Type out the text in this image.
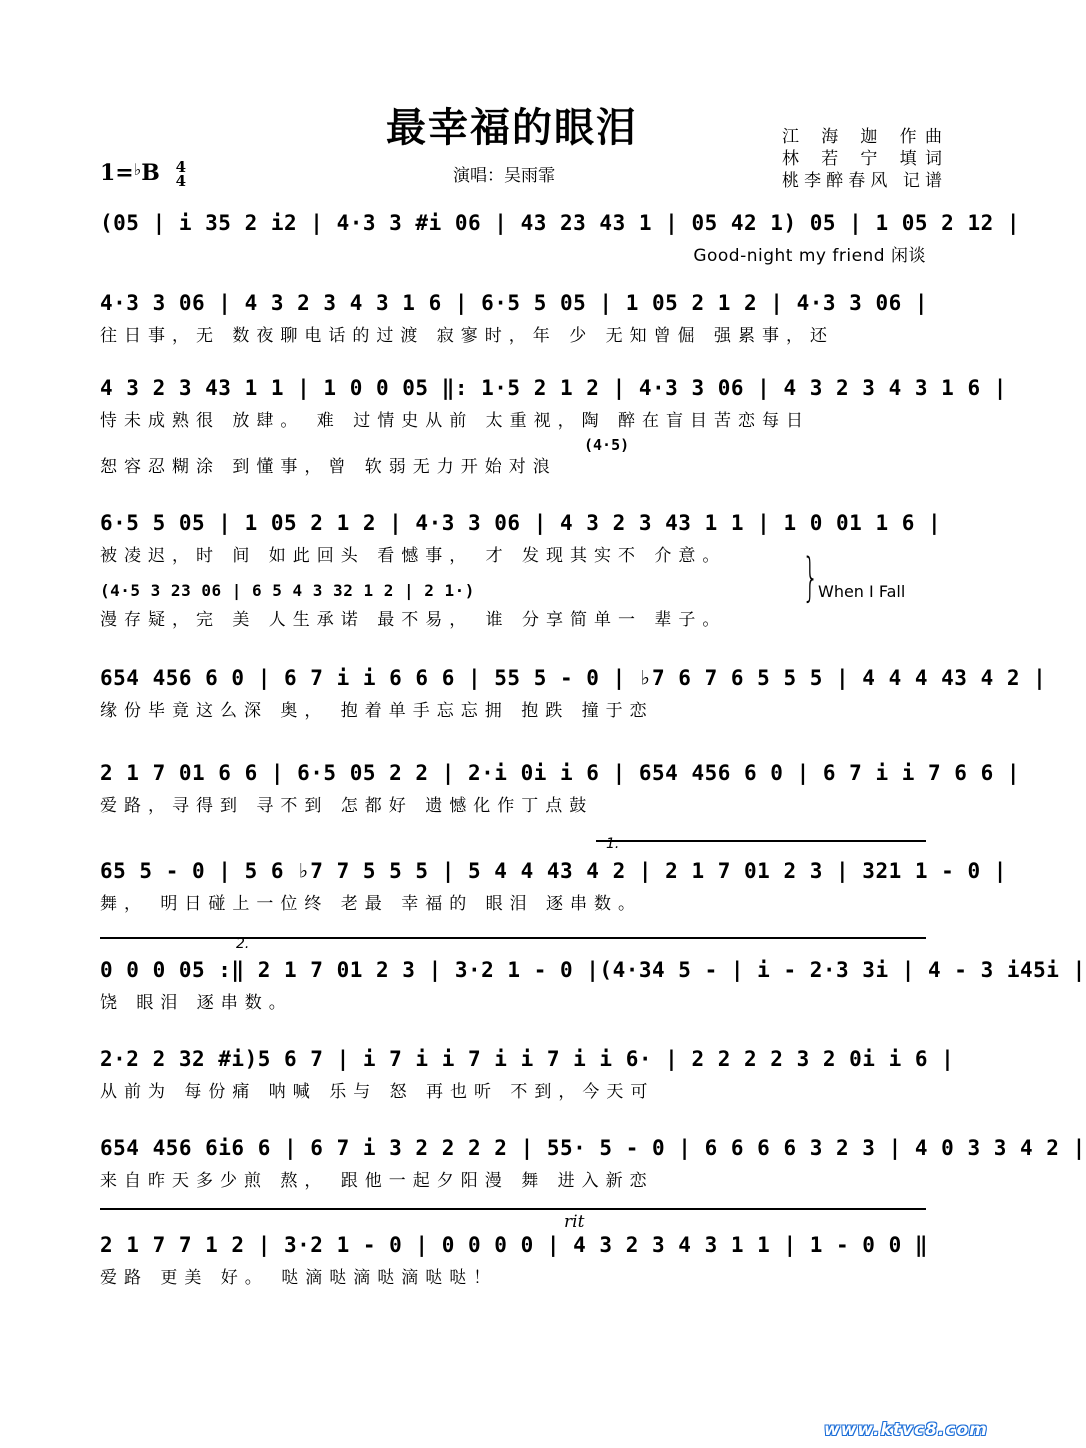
最幸福的眼泪	江 海 迦 作曲
林 若 宁 填词
桃李醉春风 记谱
1=♭B 4
4	演唱：吴雨霏
(05 | i 35 2 i2 | 4·3 3 #i 06 | 43 23 43 1 | 05 42 1) 05 | 1 05 2 12 |
Good-night my friend 闲谈
4·3 3 06 | 4 3 2 3 4 3 1 6 | 6·5 5 05 | 1 05 2 1 2 | 4·3 3 06 |
往日事，无 数夜聊电话的过渡 寂寥时，年 少 无知曾倔 强累事，还
4 3 2 3 43 1 1 | 1 0 0 05 ‖: 1·5 2 1 2 | 4·3 3 06 | 4 3 2 3 4 3 1 6 |
恃未成熟很 放肆。 难 过情史从前 太重视，陶 醉在盲目苦恋每日
恕容忍糊涂 到懂事，曾 软弱无力开始对浪
(4·5)
6·5 5 05 | 1 05 2 1 2 | 4·3 3 06 | 4 3 2 3 43 1 1 | 1 0 01 1 6 |
被凌迟，时 间 如此回头 看憾事， 才 发现其实不 介意。
(4·5 3 23 06 | 6 5 4 3 32 1 2 | 2 1·)
漫存疑，完 美 人生承诺 最不易， 谁 分享简单一 辈子。
} When I Fall
654 456 6 0 | 6 7 i i 6 6 6 | 55 5 - 0 | ♭7 6 7 6 5 5 5 | 4 4 4 43 4 2 |
缘份毕竟这么深 奥， 抱着单手忘忘拥 抱跌 撞于恋
2 1 7 01 6 6 | 6·5 05 2 2 | 2·i 0i i 6 | 654 456 6 0 | 6 7 i i 7 6 6 |
爱路，寻得到 寻不到 怎都好 遗憾化作丁点鼓
1.
65 5 - 0 | 5 6 ♭7 7 5 5 5 | 5 4 4 43 4 2 | 2 1 7 01 2 3 | 321 1 - 0 |
舞， 明日碰上一位终 老最 幸福的 眼泪 逐串数。
2.
0 0 0 05 :‖ 2 1 7 01 2 3 | 3·2 1 - 0 |(4·34 5 - | i - 2·3 3i | 4 - 3 i45i |
饶 眼泪 逐串数。
2·2 2 32 #i)5 6 7 | i 7 i i 7 i i 7 i i 6· | 2 2 2 2 3 2 0i i 6 |
从前为 每份痛 呐喊 乐与 怒 再也听 不到，今天可
654 456 6i6 6 | 6 7 i 3 2 2 2 2 | 55· 5 - 0 | 6 6 6 6 3 2 3 | 4 0 3 3 4 2 |
来自昨天多少煎 熬， 跟他一起夕阳漫 舞 进入新恋
rit
2 1 7 7 1 2 | 3·2 1 - 0 | 0 0 0 0 | 4 3 2 3 4 3 1 1 | 1 - 0 0 ‖
爱路 更美 好。 哒滴哒滴哒滴哒哒！
www.ktvc8.com
